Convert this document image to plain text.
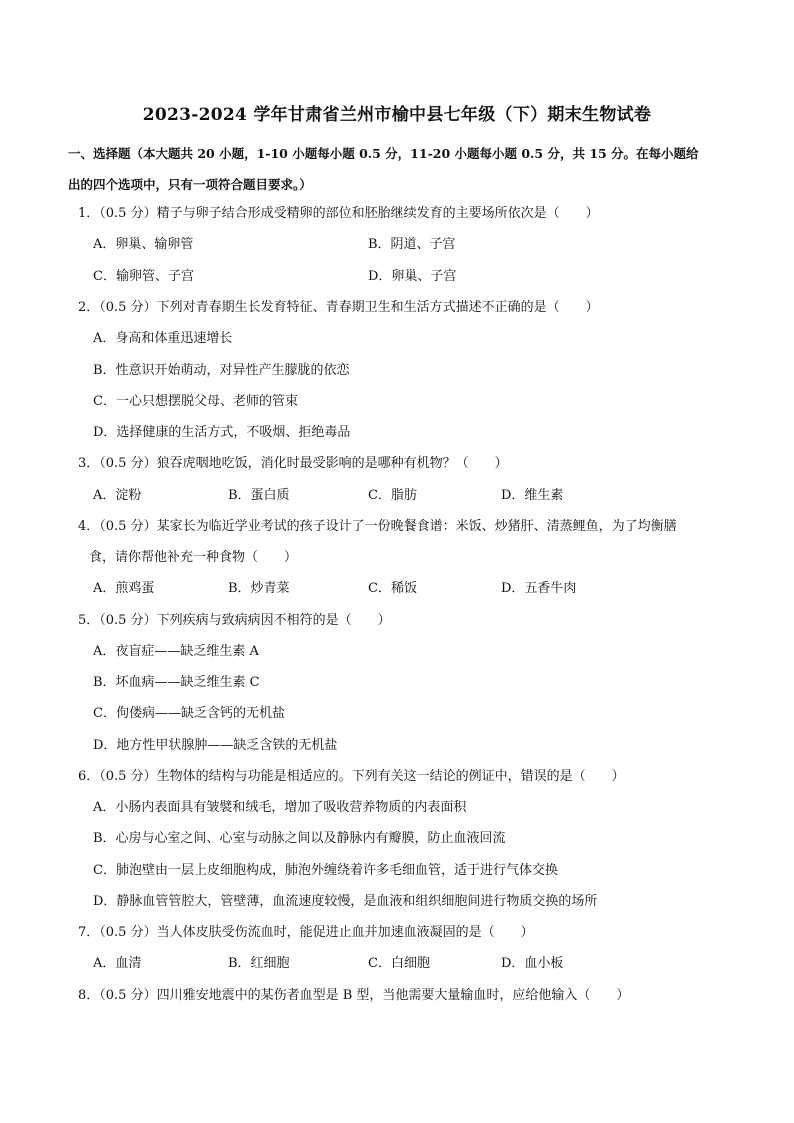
2023-2024 学年甘肃省兰州市榆中县七年级（下）期末生物试卷
一、选择题（本大题共 20 小题，1-10 小题每小题 0.5 分，11-20 小题每小题 0.5 分，共 15 分。在每小题给
出的四个选项中，只有一项符合题目要求。）
1．（0.5 分）精子与卵子结合形成受精卵的部位和胚胎继续发育的主要场所依次是（　　）
A．卵巢、输卵管	B．阴道、子宫
C．输卵管、子宫	D．卵巢、子宫
2．（0.5 分）下列对青春期生长发育特征、青春期卫生和生活方式描述不正确的是（　　）
A．身高和体重迅速增长
B．性意识开始萌动，对异性产生朦胧的依恋
C．一心只想摆脱父母、老师的管束
D．选择健康的生活方式，不吸烟、拒绝毒品
3．（0.5 分）狼吞虎咽地吃饭，消化时最受影响的是哪种有机物？（　　）
A．淀粉	B．蛋白质	C．脂肪	D．维生素
4．（0.5 分）某家长为临近学业考试的孩子设计了一份晚餐食谱：米饭、炒猪肝、清蒸鲤鱼，为了均衡膳
食，请你帮他补充一种食物（　　）
A．煎鸡蛋	B．炒青菜	C．稀饭	D．五香牛肉
5．（0.5 分）下列疾病与致病病因不相符的是（　　）
A．夜盲症——缺乏维生素 A
B．坏血病——缺乏维生素 C
C．佝偻病——缺乏含钙的无机盐
D．地方性甲状腺肿——缺乏含铁的无机盐
6．（0.5 分）生物体的结构与功能是相适应的。下列有关这一结论的例证中，错误的是（　　）
A．小肠内表面具有皱襞和绒毛，增加了吸收营养物质的内表面积
B．心房与心室之间、心室与动脉之间以及静脉内有瓣膜，防止血液回流
C．肺泡壁由一层上皮细胞构成，肺泡外缠绕着许多毛细血管，适于进行气体交换
D．静脉血管管腔大，管壁薄，血流速度较慢，是血液和组织细胞间进行物质交换的场所
7．（0.5 分）当人体皮肤受伤流血时，能促进止血并加速血液凝固的是（　　）
A．血清	B．红细胞	C．白细胞	D．血小板
8．（0.5 分）四川雅安地震中的某伤者血型是 B 型，当他需要大量输血时，应给他输入（　　）
